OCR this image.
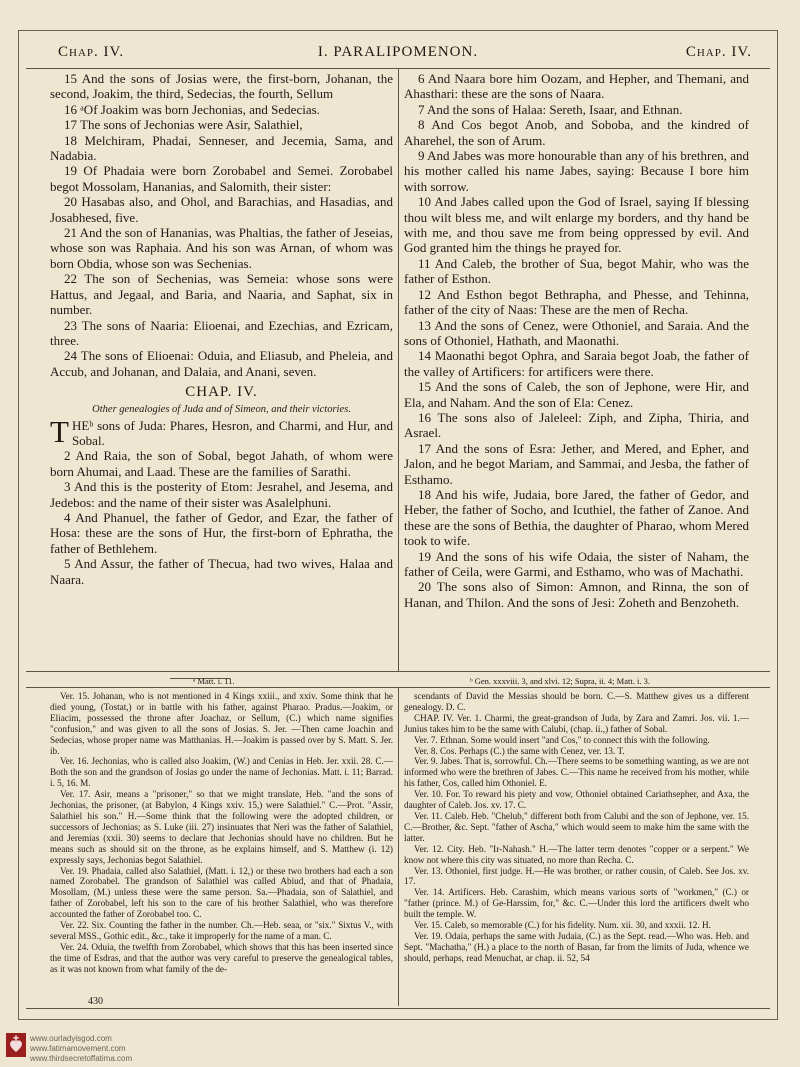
Chap. IV.	I. PARALIPOMENON.	Chap. IV.

15 And the sons of Josias were, the first-born, Johanan, the second, Joakim, the third, Sedecias, the fourth, Sellum

16 ᵃOf Joakim was born Jechonias, and Sedecias.

17 The sons of Jechonias were Asir, Salathiel,

18 Melchiram, Phadai, Senneser, and Jecemia, Sama, and Nadabia.

19 Of Phadaia were born Zorobabel and Semei. Zorobabel begot Mossolam, Hananias, and Salomith, their sister:

20 Hasabas also, and Ohol, and Barachias, and Hasadias, and Josabhesed, five.

21 And the son of Hananias, was Phaltias, the father of Jeseias, whose son was Raphaia. And his son was Arnan, of whom was born Obdia, whose son was Sechenias.

22 The son of Sechenias, was Semeia: whose sons were Hattus, and Jegaal, and Baria, and Naaria, and Saphat, six in number.

23 The sons of Naaria: Elioenai, and Ezechias, and Ezricam, three.

24 The sons of Elioenai: Oduia, and Eliasub, and Pheleia, and Accub, and Johanan, and Dalaia, and Anani, seven.

CHAP. IV.
Other genealogies of Juda and of Simeon, and their victories.
THEᵇ sons of Juda: Phares, Hesron, and Charmi, and Hur, and Sobal.

2 And Raia, the son of Sobal, begot Jahath, of whom were born Ahumai, and Laad. These are the families of Sarathi.

3 And this is the posterity of Etom: Jesrahel, and Jesema, and Jedebos: and the name of their sister was Asalelphuni.

4 And Phanuel, the father of Gedor, and Ezar, the father of Hosa: these are the sons of Hur, the first-born of Ephratha, the father of Bethlehem.

5 And Assur, the father of Thecua, had two wives, Halaa and Naara.

6 And Naara bore him Oozam, and Hepher, and Themani, and Ahasthari: these are the sons of Naara.

7 And the sons of Halaa: Sereth, Isaar, and Ethnan.

8 And Cos begot Anob, and Soboba, and the kindred of Aharehel, the son of Arum.

9 And Jabes was more honourable than any of his brethren, and his mother called his name Jabes, saying: Because I bore him with sorrow.

10 And Jabes called upon the God of Israel, saying If blessing thou wilt bless me, and wilt enlarge my borders, and thy hand be with me, and thou save me from being oppressed by evil. And God granted him the things he prayed for.

11 And Caleb, the brother of Sua, begot Mahir, who was the father of Esthon.

12 And Esthon begot Bethrapha, and Phesse, and Tehinna, father of the city of Naas: These are the men of Recha.

13 And the sons of Cenez, were Othoniel, and Saraia. And the sons of Othoniel, Hathath, and Maonathi.

14 Maonathi begot Ophra, and Saraia begot Joab, the father of the valley of Artificers: for artificers were there.

15 And the sons of Caleb, the son of Jephone, were Hir, and Ela, and Naham. And the son of Ela: Cenez.

16 The sons also of Jaleleel: Ziph, and Zipha, Thiria, and Asrael.

17 And the sons of Esra: Jether, and Mered, and Epher, and Jalon, and he begot Mariam, and Sammai, and Jesba, the father of Esthamo.

18 And his wife, Judaia, bore Jared, the father of Gedor, and Heber, the father of Socho, and Icuthiel, the father of Zanoe. And these are the sons of Bethia, the daughter of Pharao, whom Mered took to wife.

19 And the sons of his wife Odaia, the sister of Naham, the father of Ceila, were Garmi, and Esthamo, who was of Machathi.

20 The sons also of Simon: Amnon, and Rinna, the son of Hanan, and Thilon. And the sons of Jesi: Zoheth and Benzoheth.

ᵃ Matt. i. 11.	ᵇ Gen. xxxviii. 3, and xlvi. 12; Supra, ii. 4; Matt. i. 3.

Ver. 15. Johanan, who is not mentioned in 4 Kings xxiii., and xxiv. Some think that he died young, (Tostat,) or in battle with his father, against Pharao. Pradus.—Joakim, or Eliacim, possessed the throne after Joachaz, or Sellum, (C.) which name signifies "confusion," and was given to all the sons of Josias. S. Jer. —Then came Joachin and Sedecias, whose proper name was Matthanias. H.—Joakim is passed over by S. Matt. S. Jer. ib.

Ver. 16. Jechonias, who is called also Joakim, (W.) and Cenias in Heb. Jer. xxii. 28. C.—Both the son and the grandson of Josias go under the name of Jechonias. Matt. i. 11; Barrad. i. 5, 16. M.

Ver. 17. Asir, means a "prisoner," so that we might translate, Heb. "and the sons of Jechonias, the prisoner, (at Babylon, 4 Kings xxiv. 15,) were Salathiel." C.—Prot. "Assir, Salathiel his son." H.—Some think that the following were the adopted children, or successors of Jechonias; as S. Luke (iii. 27) insinuates that Neri was the father of Salathiel, and Jeremias (xxii. 30) seems to declare that Jechonias should have no children. But he means such as should sit on the throne, as he explains himself, and S. Matthew (i. 12) expressly says, Jechonias begot Salathiel.

Ver. 19. Phadaia, called also Salathiel, (Matt. i. 12,) or these two brothers had each a son named Zorobabel. The grandson of Salathiel was called Abiud, and that of Phadaia, Mosollam, (M.) unless these were the same person. Sa.—Phadaia, son of Salathiel, and father of Zorobabel, left his son to the care of his brother Salathiel, who was therefore accounted the father of Zorobabel too. C.

Ver. 22. Six. Counting the father in the number. Ch.—Heb. seaa, or "six." Sixtus V., with several MSS., Gothic edit., &c., take it improperly for the name of a man. C.

Ver. 24. Oduia, the twelfth from Zorobabel, which shows that this has been inserted since the time of Esdras, and that the author was very careful to preserve the genealogical tables, as it was not known from what family of the de-

scendants of David the Messias should be born. C.—S. Matthew gives us a different genealogy. D. C.

CHAP. IV. Ver. 1. Charmi, the great-grandson of Juda, by Zara and Zamri. Jos. vii. 1.—Junius takes him to be the same with Calubi, (chap. ii.,) father of Sobal.

Ver. 7. Ethnan. Some would insert "and Cos," to connect this with the following.

Ver. 8. Cos. Perhaps (C.) the same with Cenez, ver. 13. T.

Ver. 9. Jabes. That is, sorrowful. Ch.—There seems to be something wanting, as we are not informed who were the brethren of Jabes. C.—This name he received from his mother, while his father, Cos, called him Othoniel. E.

Ver. 10. For. To reward his piety and vow, Othoniel obtained Cariathsepher, and Axa, the daughter of Caleb. Jos. xv. 17. C.

Ver. 11. Caleb. Heb. "Chelub," different both from Calubi and the son of Jephone, ver. 15. C.—Brother, &c. Sept. "father of Ascha," which would seem to make him the same with the latter.

Ver. 12. City. Heb. "Ir-Nahash." H.—The latter term denotes "copper or a serpent." We know not where this city was situated, no more than Recha. C.

Ver. 13. Othoniel, first judge. H.—He was brother, or rather cousin, of Caleb. See Jos. xv. 17.

Ver. 14. Artificers. Heb. Carashim, which means various sorts of "workmen," (C.) or "father (prince. M.) of Ge-Harssim, for," &c. C.—Under this lord the artificers dwelt who built the temple. W.

Ver. 15. Caleb, so memorable (C.) for his fidelity. Num. xii. 30, and xxxii. 12. H.

Ver. 19. Odaia, perhaps the same with Judaia, (C.) as the Sept. read.—Who was. Heb. and Sept. "Machatha," (H.) a place to the north of Basan, far from the limits of Juda, whence we should, perhaps, read Menuchat, ar chap. ii. 52, 54

430
www.ourladyisgod.com
www.fatimamovement.com
www.thirdsecretoffatima.com
